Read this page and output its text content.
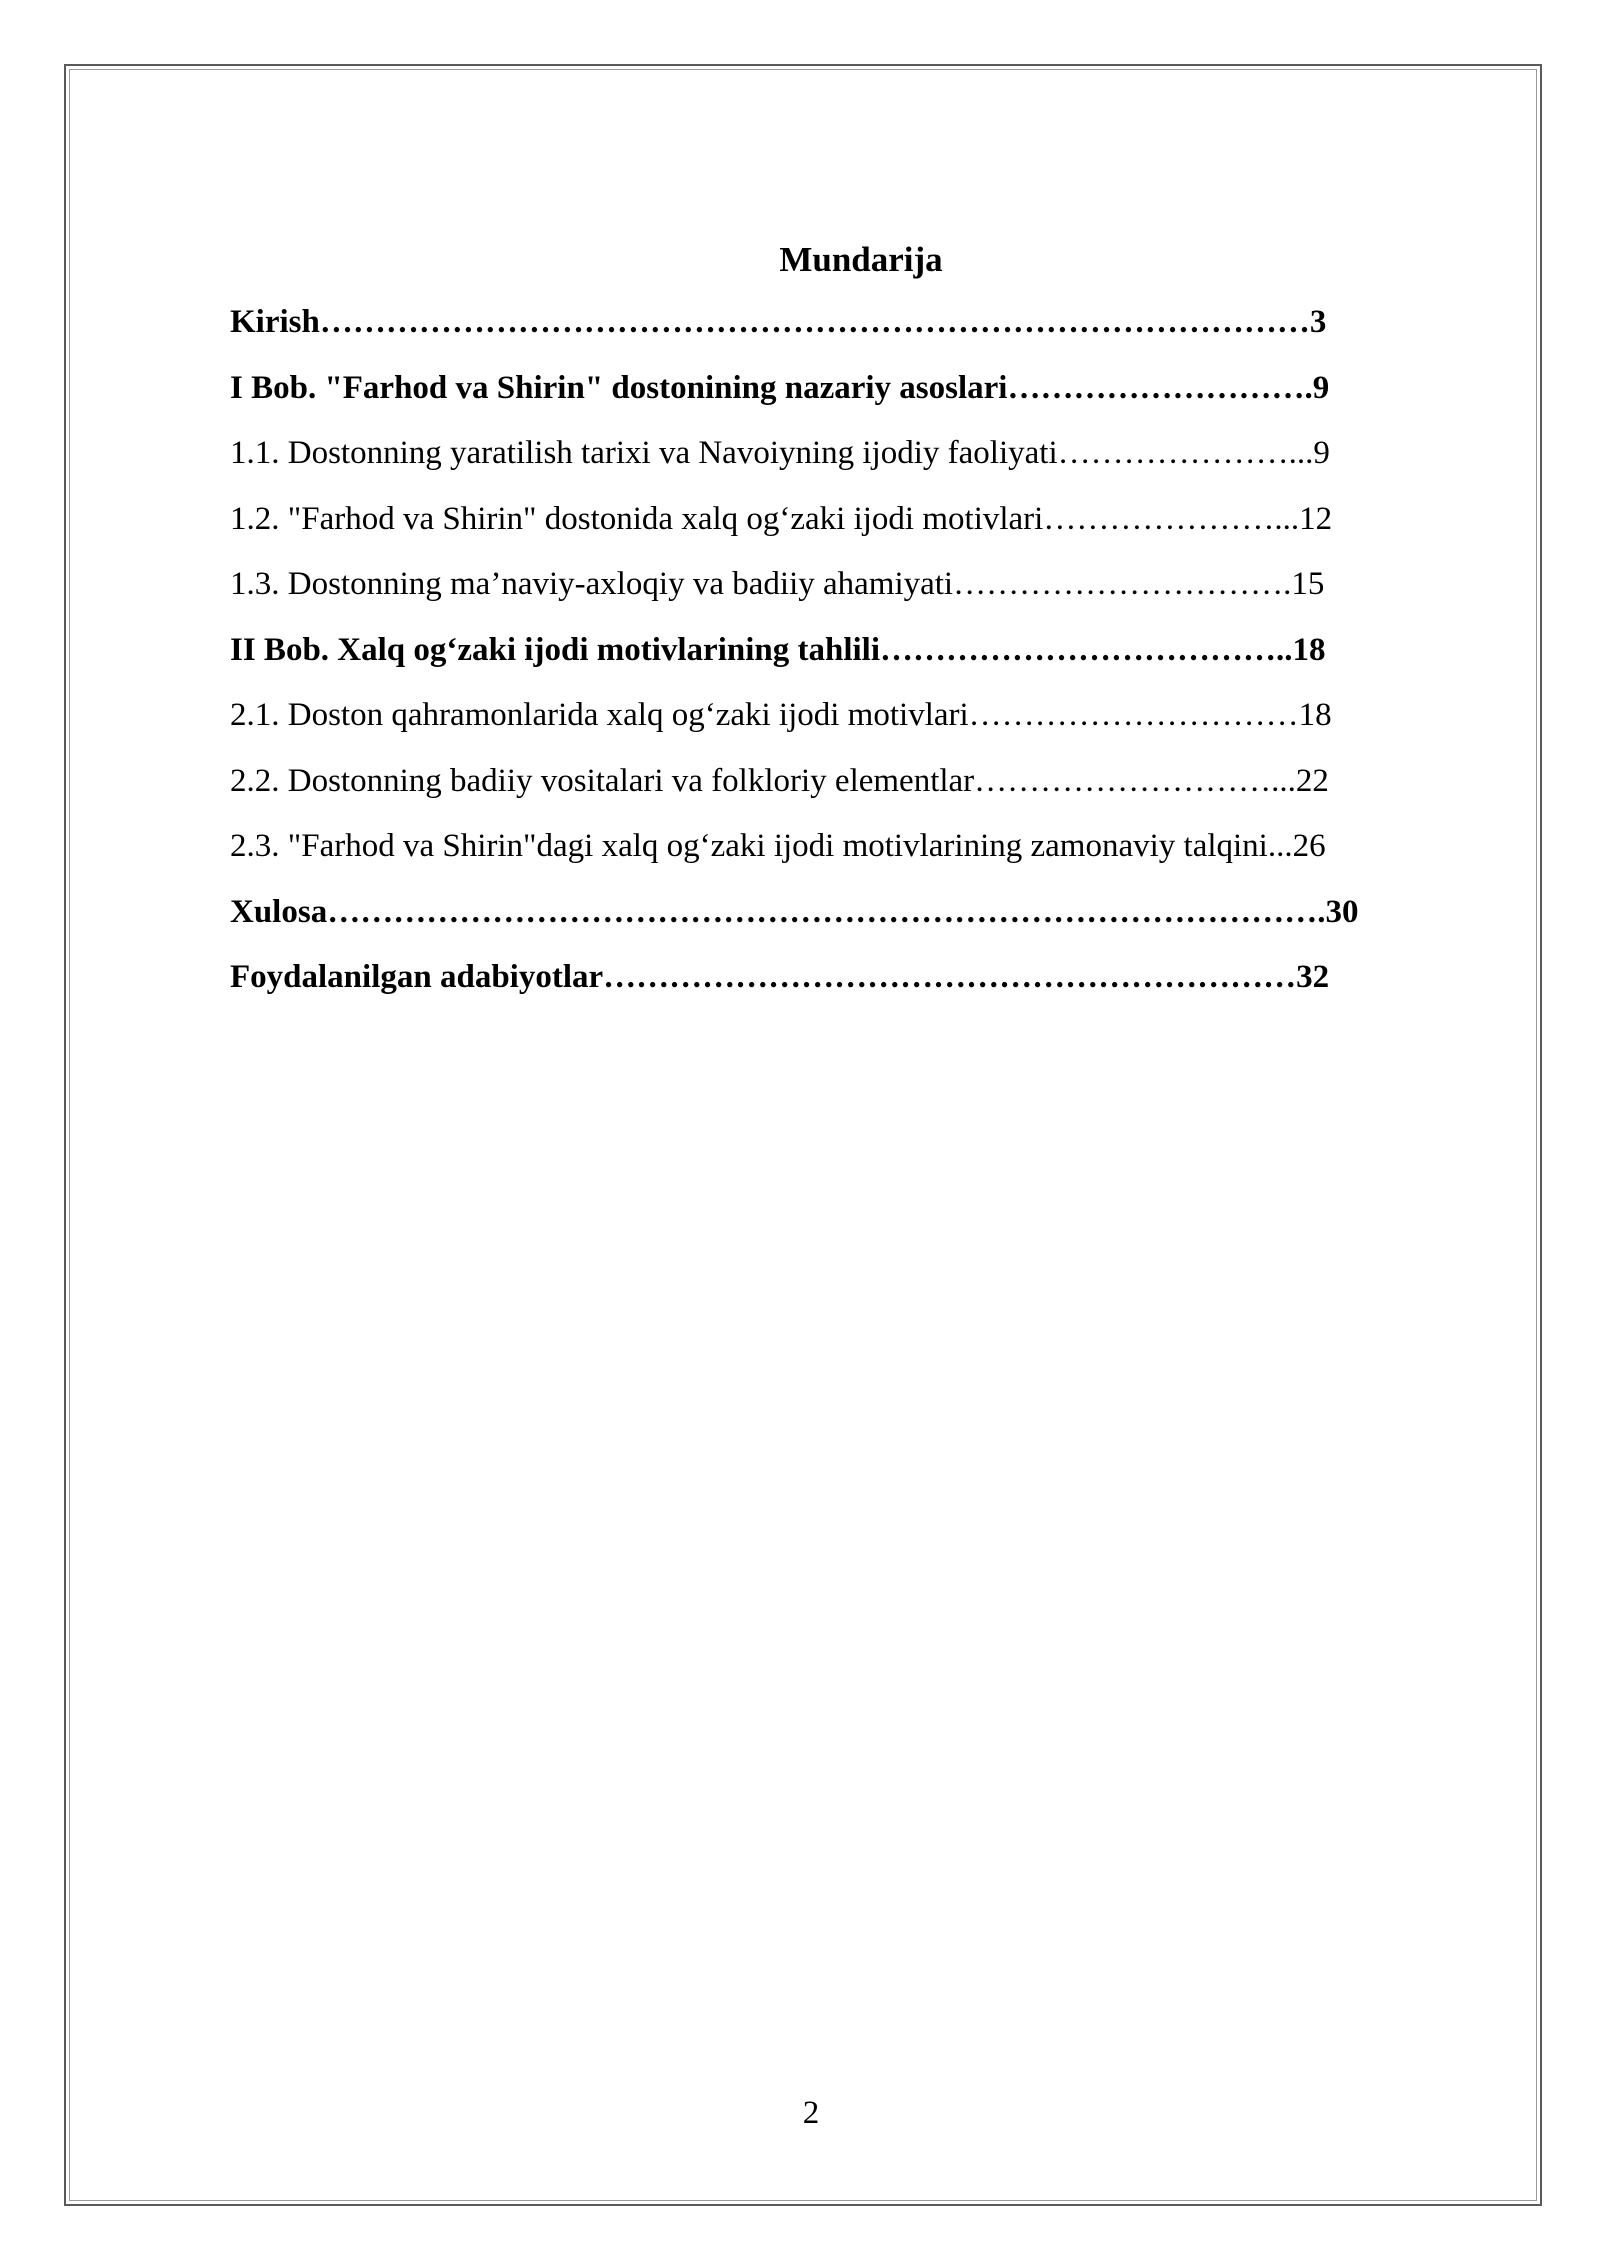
Mundarija
Kirish………………………………………………………………………………3
I Bob. "Farhod va Shirin" dostonining nazariy asoslari……………………….9
1.1. Dostonning yaratilish tarixi va Navoiyning ijodiy faoliyati…………………...9
1.2. "Farhod va Shirin" dostonida xalq og‘zaki ijodi motivlari…………………...12
1.3. Dostonning ma’naviy-axloqiy va badiiy ahamiyati………………………….15
II Bob. Xalq og‘zaki ijodi motivlarining tahlili………………………………..18
2.1. Doston qahramonlarida xalq og‘zaki ijodi motivlari…………………………18
2.2. Dostonning badiiy vositalari va folkloriy elementlar………………………...22
2.3. "Farhod va Shirin"dagi xalq og‘zaki ijodi motivlarining zamonaviy talqini...26
Xulosa……………………………………………………………………………….30
Foydalanilgan adabiyotlar………………………………………………………32
2
